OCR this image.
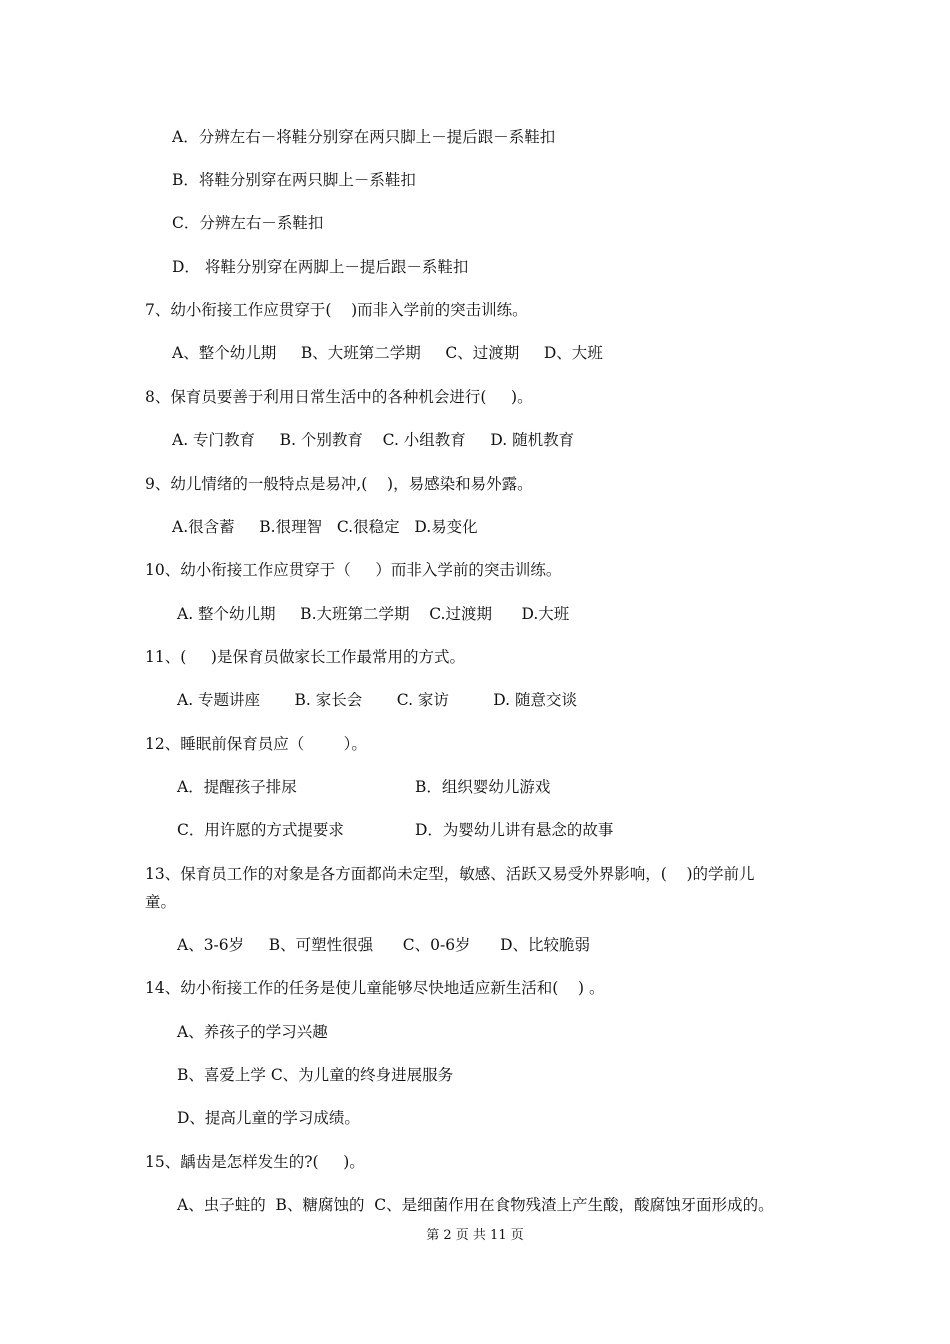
A．分辨左右－将鞋分别穿在两只脚上－提后跟－系鞋扣

B．将鞋分别穿在两只脚上－系鞋扣

C．分辨左右－系鞋扣

D． 将鞋分别穿在两脚上－提后跟－系鞋扣

7、幼小衔接工作应贯穿于(    )而非入学前的突击训练。

A、整个幼儿期     B、大班第二学期     C、过渡期     D、大班

8、保育员要善于利用日常生活中的各种机会进行(     )。

A. 专门教育     B. 个别教育    C. 小组教育     D. 随机教育

9、幼儿情绪的一般特点是易冲,(    )，易感染和易外露。

A.很含蓄     B.很理智   C.很稳定   D.易变化

10、幼小衔接工作应贯穿于（     ）而非入学前的突击训练。

A. 整个幼儿期     B.大班第二学期    C.过渡期      D.大班

11、(     )是保育员做家长工作最常用的方式。

A. 专题讲座       B. 家长会       C. 家访         D. 随意交谈

12、睡眠前保育员应（        ）。

A．提醒孩子排尿	B．组织婴幼儿游戏

C．用许愿的方式提要求	D．为婴幼儿讲有悬念的故事

13、保育员工作的对象是各方面都尚未定型，敏感、活跃又易受外界影响，(    )的学前儿

童。

A、3-6岁     B、可塑性很强      C、0-6岁      D、比较脆弱

14、幼小衔接工作的任务是使儿童能够尽快地适应新生活和(    ) 。

A、养孩子的学习兴趣

B、喜爱上学 C、为儿童的终身进展服务

D、提高儿童的学习成绩。

15、龋齿是怎样发生的?(     )。

A、虫子蛀的  B、糖腐蚀的  C、是细菌作用在食物残渣上产生酸，酸腐蚀牙面形成的。

第 2 页 共 11 页
